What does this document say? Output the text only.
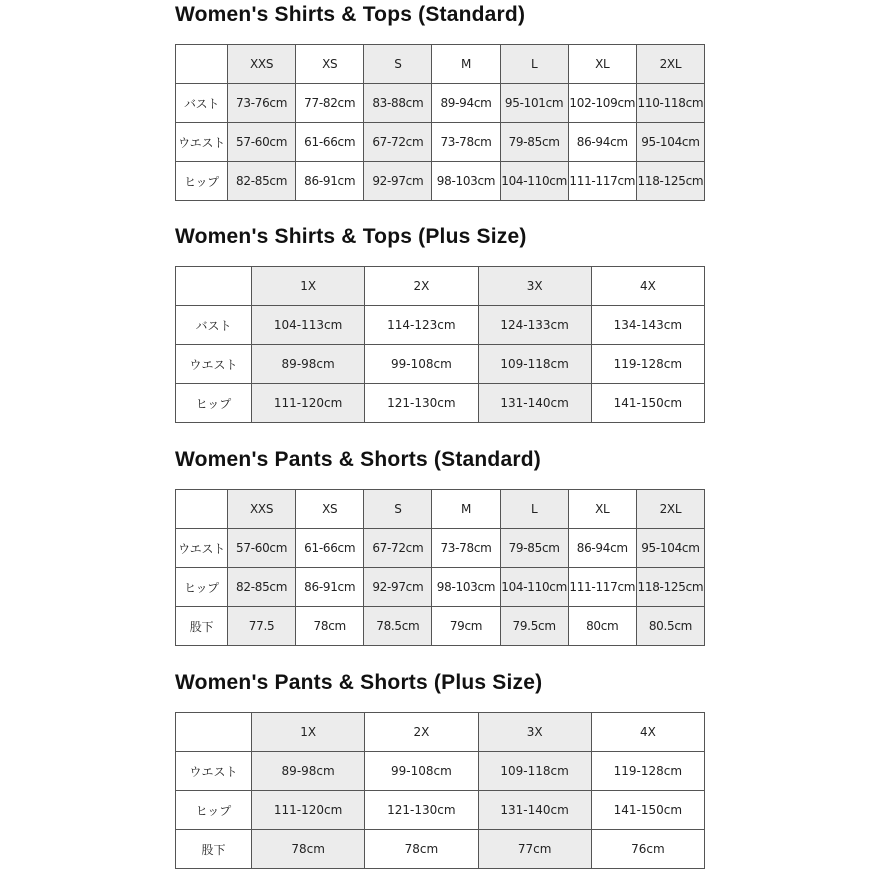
Women's Shirts & Tops (Standard)
	XXS	XS	S	M	L	XL	2XL
バスト	73-76cm	77-82cm	83-88cm	89-94cm	95-101cm	102-109cm	110-118cm
ウエスト	57-60cm	61-66cm	67-72cm	73-78cm	79-85cm	86-94cm	95-104cm
ヒップ	82-85cm	86-91cm	92-97cm	98-103cm	104-110cm	111-117cm	118-125cm
Women's Shirts & Tops (Plus Size)
	1X	2X	3X	4X
バスト	104-113cm	114-123cm	124-133cm	134-143cm
ウエスト	89-98cm	99-108cm	109-118cm	119-128cm
ヒップ	111-120cm	121-130cm	131-140cm	141-150cm
Women's Pants & Shorts (Standard)
	XXS	XS	S	M	L	XL	2XL
ウエスト	57-60cm	61-66cm	67-72cm	73-78cm	79-85cm	86-94cm	95-104cm
ヒップ	82-85cm	86-91cm	92-97cm	98-103cm	104-110cm	111-117cm	118-125cm
股下	77.5	78cm	78.5cm	79cm	79.5cm	80cm	80.5cm
Women's Pants & Shorts (Plus Size)
	1X	2X	3X	4X
ウエスト	89-98cm	99-108cm	109-118cm	119-128cm
ヒップ	111-120cm	121-130cm	131-140cm	141-150cm
股下	78cm	78cm	77cm	76cm
